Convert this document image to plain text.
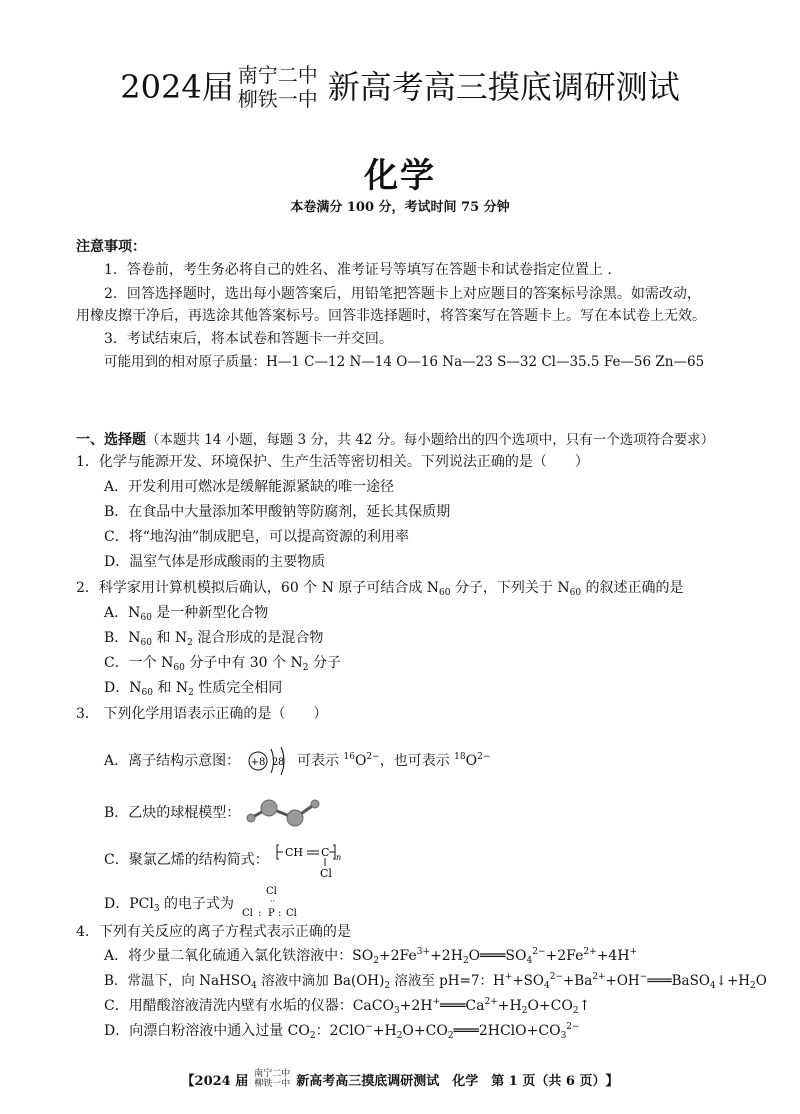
2024届 南宁二中
柳铁一中 新高考高三摸底调研测试
化学
本卷满分 100 分，考试时间 75 分钟
注意事项：
1．答卷前，考生务必将自己的姓名、准考证号等填写在答题卡和试卷指定位置上 .
2．回答选择题时，选出每小题答案后，用铅笔把答题卡上对应题目的答案标号涂黑。如需改动，
用橡皮擦干净后，再选涂其他答案标号。回答非选择题时，将答案写在答题卡上。写在本试卷上无效。
3．考试结束后，将本试卷和答题卡一并交回。
可能用到的相对原子质量：H—1 C—12 N—14 O—16 Na—23 S—32 Cl—35.5 Fe—56 Zn—65
一、选择题（本题共 14 小题，每题 3 分，共 42 分。每小题给出的四个选项中，只有一个选项符合要求）
1．化学与能源开发、环境保护、生产生活等密切相关。下列说法正确的是（　　）
A．开发利用可燃冰是缓解能源紧缺的唯一途径
B．在食品中大量添加苯甲酸钠等防腐剂，延长其保质期
C．将“地沟油”制成肥皂，可以提高资源的利用率
D．温室气体是形成酸雨的主要物质
2．科学家用计算机模拟后确认，60 个 N 原子可结合成 $N_{60}$ 分子，下列关于 $N_{60}$ 的叙述正确的是
A．$N_{60}$ 是一种新型化合物
B．$N_{60}$ 和 $N_2$ 混合形成的是混合物
C．一个 $N_{60}$ 分子中有 30 个 $N_2$ 分子
D．$N_{60}$ 和 $N_2$ 性质完全相同
3． 下列化学用语表示正确的是（　　）
A．离子结构示意图： +8 2 8 可表示 $^{16}O^{2-}$，也可表示 $^{18}O^{2-}$
B．乙炔的球棍模型：
C．聚氯乙烯的结构简式： CH C n
Cl
D．PCl$_3$ 的电子式为
Cl
··
Cl : P : Cl
4．下列有关反应的离子方程式表示正确的是
A．将少量二氧化硫通入氯化铁溶液中：$SO_2+2Fe^{3+}+2H_2O═══SO_4^{2-}+2Fe^{2+}+4H^+$
B．常温下，向 NaHSO$_4$ 溶液中滴加 $Ba(OH)_2$ 溶液至 pH=7：$H^++SO_4^{2-}+Ba^{2+}+OH^-═══BaSO_4↓+H_2O$
C．用醋酸溶液清洗内壁有水垢的仪器：$CaCO_3+2H^+═══Ca^{2+}+H_2O+CO_2↑$
D．向漂白粉溶液中通入过量 $CO_2$：$2ClO^-+H_2O+CO_2═══2HClO+CO_3^{2-}$
【 2024 届 南宁二中
柳铁一中 新高考高三摸底调研测试　化学　第 1 页（共 6 页） 】
